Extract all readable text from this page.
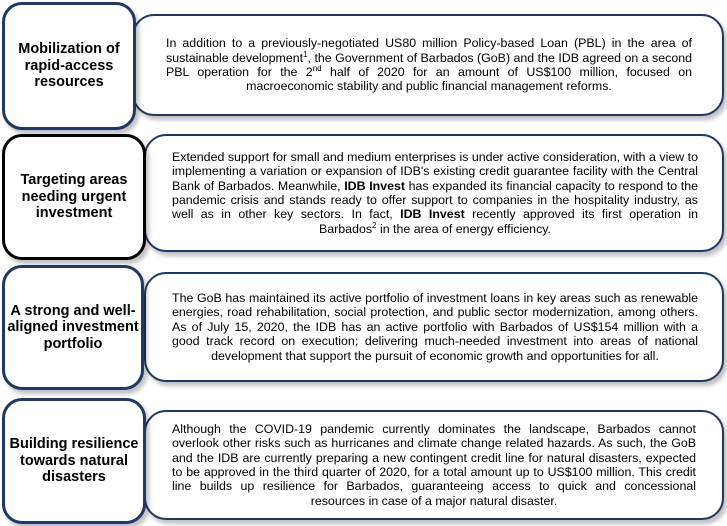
In addition to a previously-negotiated US80 million Policy-based Loan (PBL) in the area of sustainable development$^1$, the Government of Barbados (GoB) and the IDB agreed on a second PBL operation for the 2nd half of 2020 for an amount of US$100 million, focused on macroeconomic stability and public financial management reforms.

Mobilization of rapid-access resources

Extended support for small and medium enterprises is under active consideration, with a view to implementing a variation or expansion of IDB's existing credit guarantee facility with the Central Bank of Barbados. Meanwhile, IDB Invest has expanded its financial capacity to respond to the pandemic crisis and stands ready to offer support to companies in the hospitality industry, as well as in other key sectors. In fact, IDB Invest recently approved its first operation in Barbados$^2$ in the area of energy efficiency.

Targeting areas needing urgent investment

The GoB has maintained its active portfolio of investment loans in key areas such as renewable energies, road rehabilitation, social protection, and public sector modernization, among others. As of July 15, 2020, the IDB has an active portfolio with Barbados of US$154 million with a good track record on execution; delivering much-needed investment into areas of national development that support the pursuit of economic growth and opportunities for all.

A strong and well-aligned investment portfolio

Although the COVID-19 pandemic currently dominates the landscape, Barbados cannot overlook other risks such as hurricanes and climate change related hazards. As such, the GoB and the IDB are currently preparing a new contingent credit line for natural disasters, expected to be approved in the third quarter of 2020, for a total amount up to US$100 million. This credit line builds up resilience for Barbados, guaranteeing access to quick and concessional resources in case of a major natural disaster.

Building resilience towards natural disasters
